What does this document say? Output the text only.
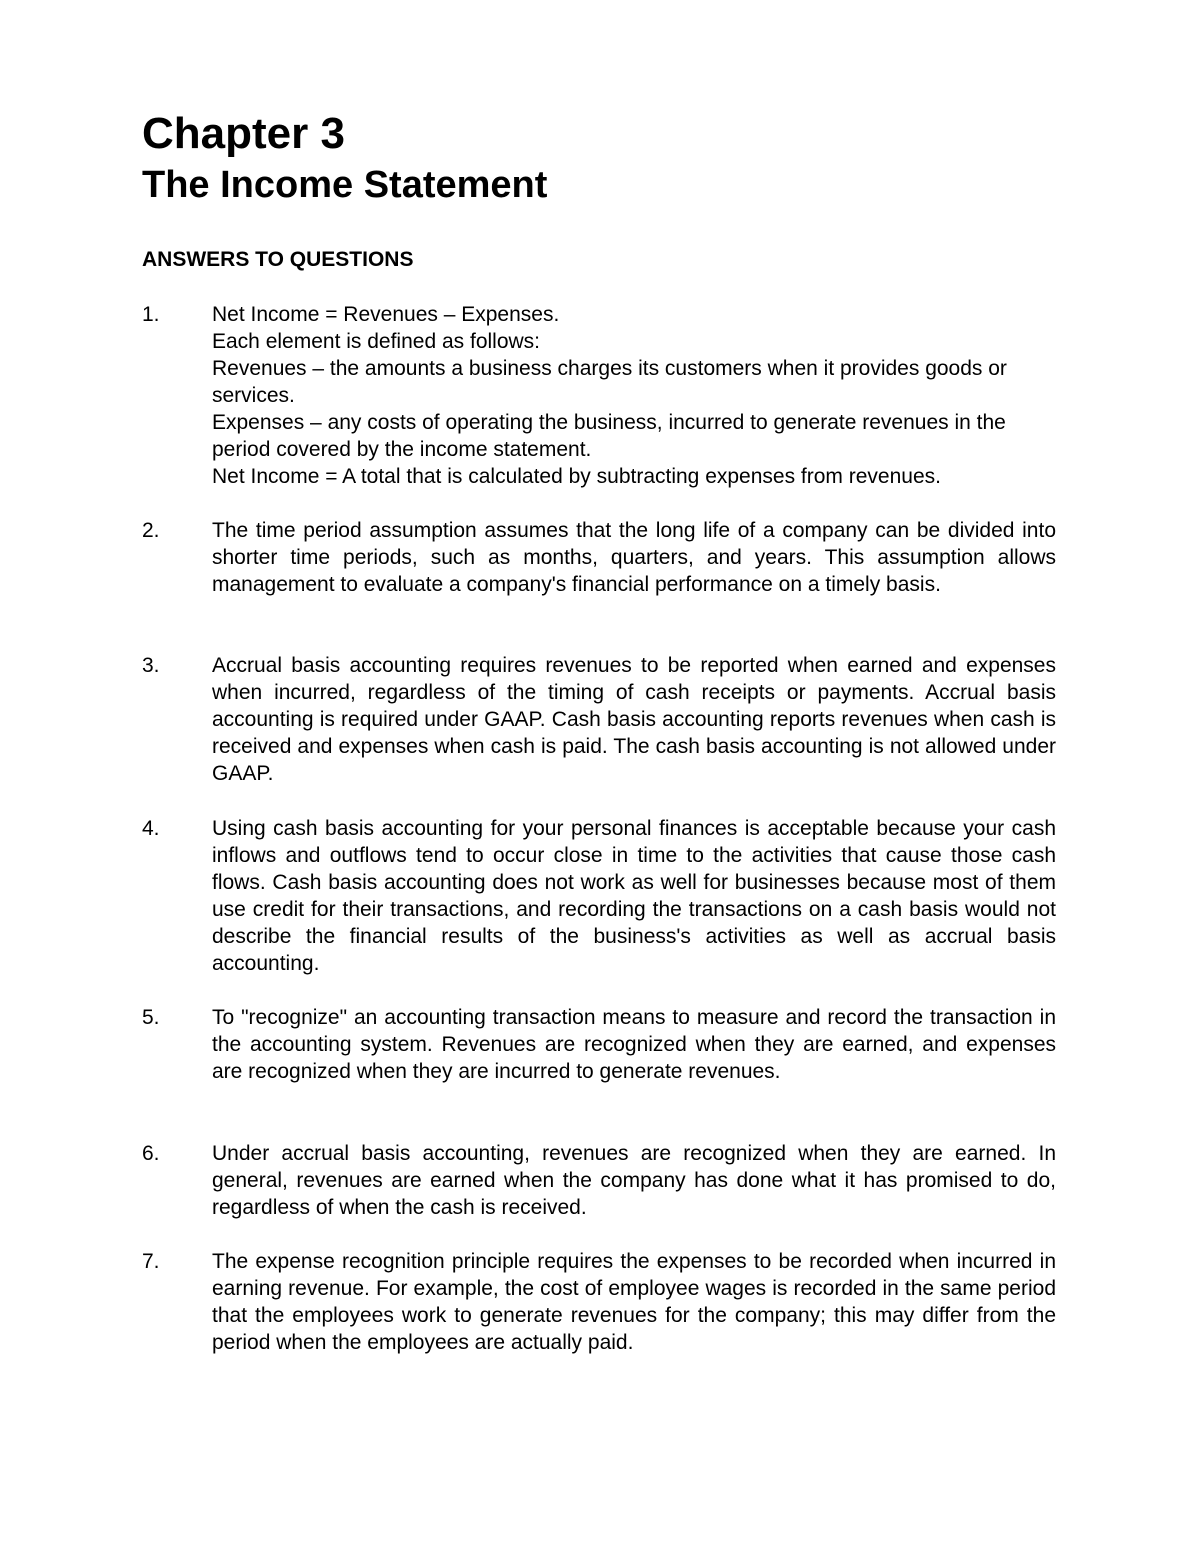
Chapter 3
The Income Statement
ANSWERS TO QUESTIONS
1. Net Income = Revenues – Expenses.
Each element is defined as follows:
Revenues – the amounts a business charges its customers when it provides goods or services.
Expenses – any costs of operating the business, incurred to generate revenues in the period covered by the income statement.
Net Income = A total that is calculated by subtracting expenses from revenues.
2. The time period assumption assumes that the long life of a company can be divided into shorter time periods, such as months, quarters, and years. This assumption allows management to evaluate a company's financial performance on a timely basis.
3. Accrual basis accounting requires revenues to be reported when earned and expenses when incurred, regardless of the timing of cash receipts or payments. Accrual basis accounting is required under GAAP. Cash basis accounting reports revenues when cash is received and expenses when cash is paid. The cash basis accounting is not allowed under GAAP.
4. Using cash basis accounting for your personal finances is acceptable because your cash inflows and outflows tend to occur close in time to the activities that cause those cash flows. Cash basis accounting does not work as well for businesses because most of them use credit for their transactions, and recording the transactions on a cash basis would not describe the financial results of the business's activities as well as accrual basis accounting.
5. To "recognize" an accounting transaction means to measure and record the transaction in the accounting system. Revenues are recognized when they are earned, and expenses are recognized when they are incurred to generate revenues.
6. Under accrual basis accounting, revenues are recognized when they are earned. In general, revenues are earned when the company has done what it has promised to do, regardless of when the cash is received.
7. The expense recognition principle requires the expenses to be recorded when incurred in earning revenue. For example, the cost of employee wages is recorded in the same period that the employees work to generate revenues for the company; this may differ from the period when the employees are actually paid.
